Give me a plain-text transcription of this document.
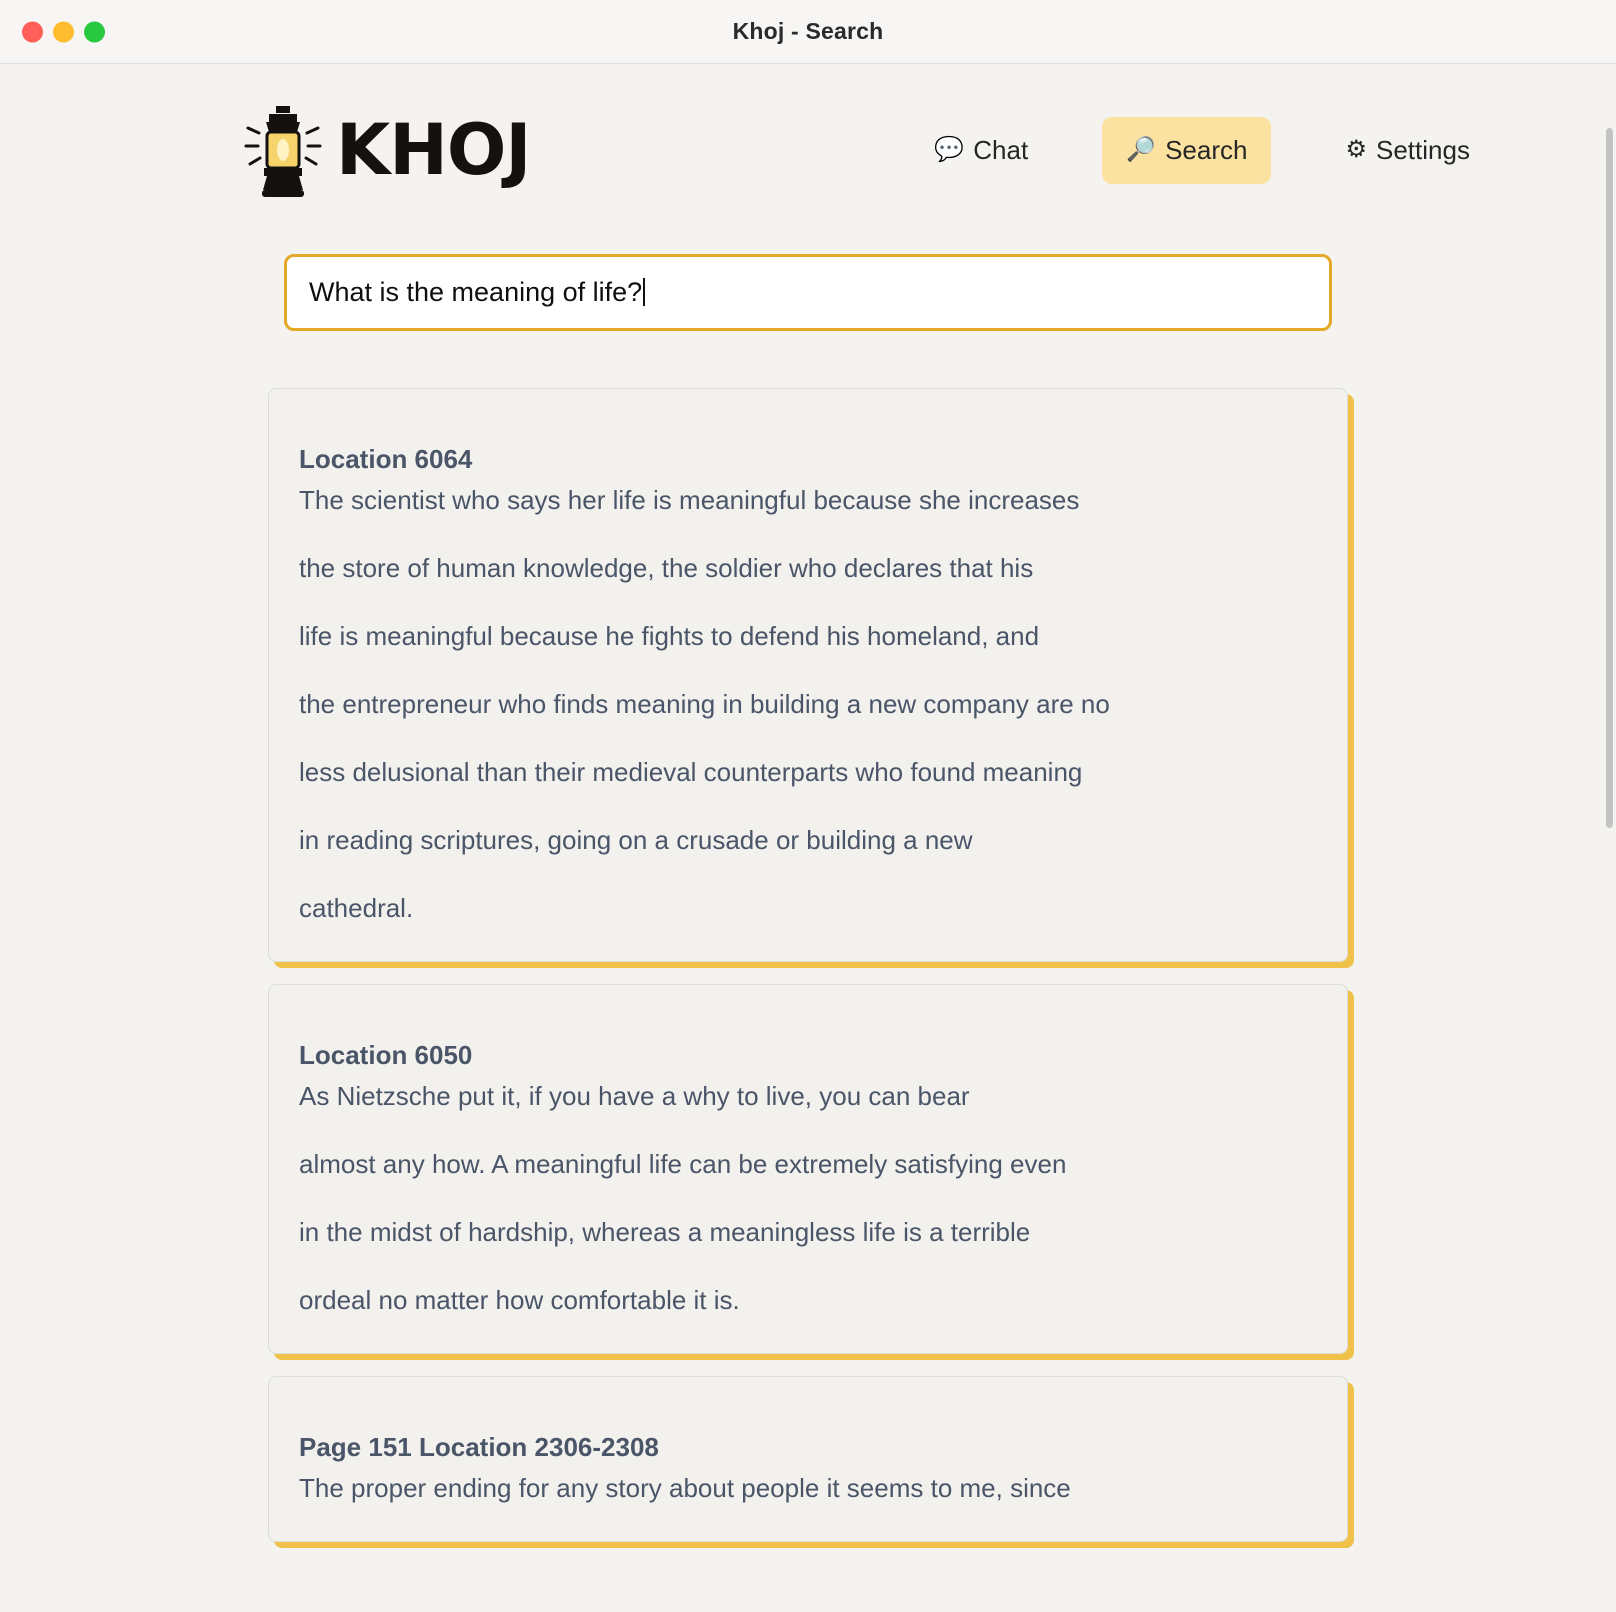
Khoj - Search
KHOJ	💬 Chat	🔎 Search	⚙ Settings
What is the meaning of life?
Location 6064

The scientist who says her life is meaningful because she increases

the store of human knowledge, the soldier who declares that his

life is meaningful because he fights to defend his homeland, and

the entrepreneur who finds meaning in building a new company are no

less delusional than their medieval counterparts who found meaning

in reading scriptures, going on a crusade or building a new

cathedral.

Location 6050

As Nietzsche put it, if you have a why to live, you can bear

almost any how. A meaningful life can be extremely satisfying even

in the midst of hardship, whereas a meaningless life is a terrible

ordeal no matter how comfortable it is.

Page 151 Location 2306-2308

The proper ending for any story about people it seems to me, since
